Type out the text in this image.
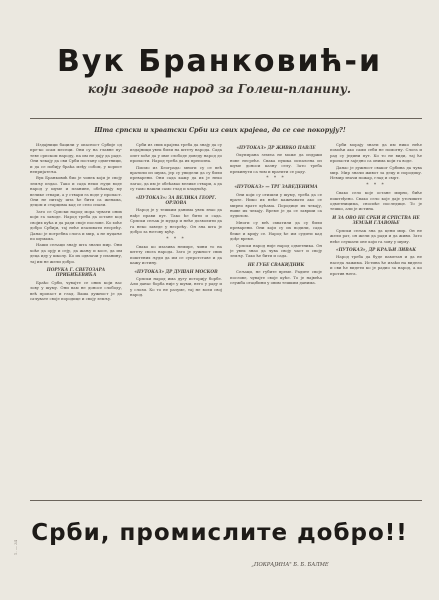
Вук Бранковић-и
који заводе народ за Голеш-планину.
Шта српски и хрватски Срби из свих крајева, да се све покорују?!

Издајници бацили у опасност Србије од пре-ко осам месеци. Они су на главне пу-теве српском народу, па им не дају да раде. Они чекају да сви Срби постану одметници, и да се побију браћа међу собом, у корист непријатеља.

Вук Бранковић био је човек који је своју земљу издао. Тако и сада неки људи воде народ у шуме и планине, обећавају му велике ствари, а у ствари га воде у пропаст. Они не питају шта ће бити са женама, децом и старцима кад се село спали.

Зато се Српски народ мора чувати оних који га заводе. Народ треба да остане код својих кућа и да ради своје послове. Ко хоће добро Србији, тај неће изазивати несрећу. Данас је потребна слога и мир, а не пуцање по шумама.

Наши сељаци знају шта значи мир. Они хоће да орју и сеју, да жању и косе, да им деца иду у школу. Ко их одвлачи у планину, тај им не жели добро.

ПОРУКА Г. СВЕТОЗАРА ПРИБИЋЕВИЋА

Браћо Срби, чувајте се оних који вас зову у шуму. Они вам не доносе слободу, већ пропаст и глад. Ваша дужност је да сачувате своје породице и своју земљу.

Срби из свих крајева треба да знају да су издајници увек били на штету народа. Сада опет хоће да у име слободе доведу народ до пропасти. Народ треба да их препозна.

Писмо из Београда: многи су се већ вратили из шума, јер су увидели да су били преварени. Они сада кажу да их је неко лагао, да им је обећавао велике ствари, а да су тамо нашли само глад и хладноћу.

«ПУТОКАЗ»: ЗА ВЕЛИКА ГЕОРГ. ОРЛОВА

Народ је у тешким данима увек знао да нађе прави пут. Тако ће бити и сада. Српски сељак је мудар и неће дозволити да га неко заведе у несрећу. Он зна шта је добро за његову кућу.

* * *

Свако ко изазива немире, чини то на штету свога народа. Зато је дужност свих поштених људи да им се супротставе и да кажу истину.

«ПУТОКАЗ» ДР ДУШАН МОСКОВ

Српски народ има дугу историју борбе. Али данас борба није у шуми, него у раду и у слози. Ко то не разуме, тај не воли свој народ.

«ПУТОКАЗ» ДР ЖИВКО ПАВЛЕ

Окупирана земља не може да издржи нове несреће. Свака пушка испаљена из шуме доноси казну селу. Зато треба прекинути са тим и вратити се раду.

* * *

«ПУТОКАЗ» — ТРГ ЗАВЕДЕНИМА

Они који су отишли у шуму, треба да се врате. Нико их неће кажњавати ако се мирно врате кућама. Породице их чекају, њиве их чекају. Време је да се заврши са лудилом.

Многи су већ схватили да су били преварени. Они који су их водили, сада беже и крију се. Народ ће им судити кад дође време.

Српски народ није народ одметника. Он је увек знао да чува своју част и своју земљу. Тако ће бити и сада.

НЕ ГУБЕ СВАКИДНИК

Сељаци, не губите време. Радите своје послове, чувајте своје куће. То је највећа служба отаџбини у овим тешким данима.

Срби морају знати да им нико неће помоћи ако сами себи не помогну. Слога и рад су једини пут. Ко то не види, тај ће пропасти заједно са онима који га воде.

Данас је дужност сваког Србина да чува мир. Мир значи живот за децу и породицу. Немир значи пожар, глад и смрт.

* * *

Свако село које остане мирно, биће поштеђено. Свако село које даје уточиште одметницима, сносиће последице. То је тешко, али је истина.

И ЗА ОВО НЕ СРБИ И СРПСТВА НЕ ЗЕМЉИ ГЛАВОЊЕ

Српски сељак зна да цени мир. Он не жели рат, он жели да ради и да живи. Зато неће слушати оне који га зову у шуму.

«ПУТОКАЗ», ДР КРАЉИ ЛИВАК

Народ треба да буде паметан и да не наседа лажима. Истина ће изаћи на видело и сви ће видети ко је радио за народ, а ко против њега.

Срби, промислите добро!!
„ПОКРАЈИНА" Б. Б. БАЛМЕ
1. — 34
